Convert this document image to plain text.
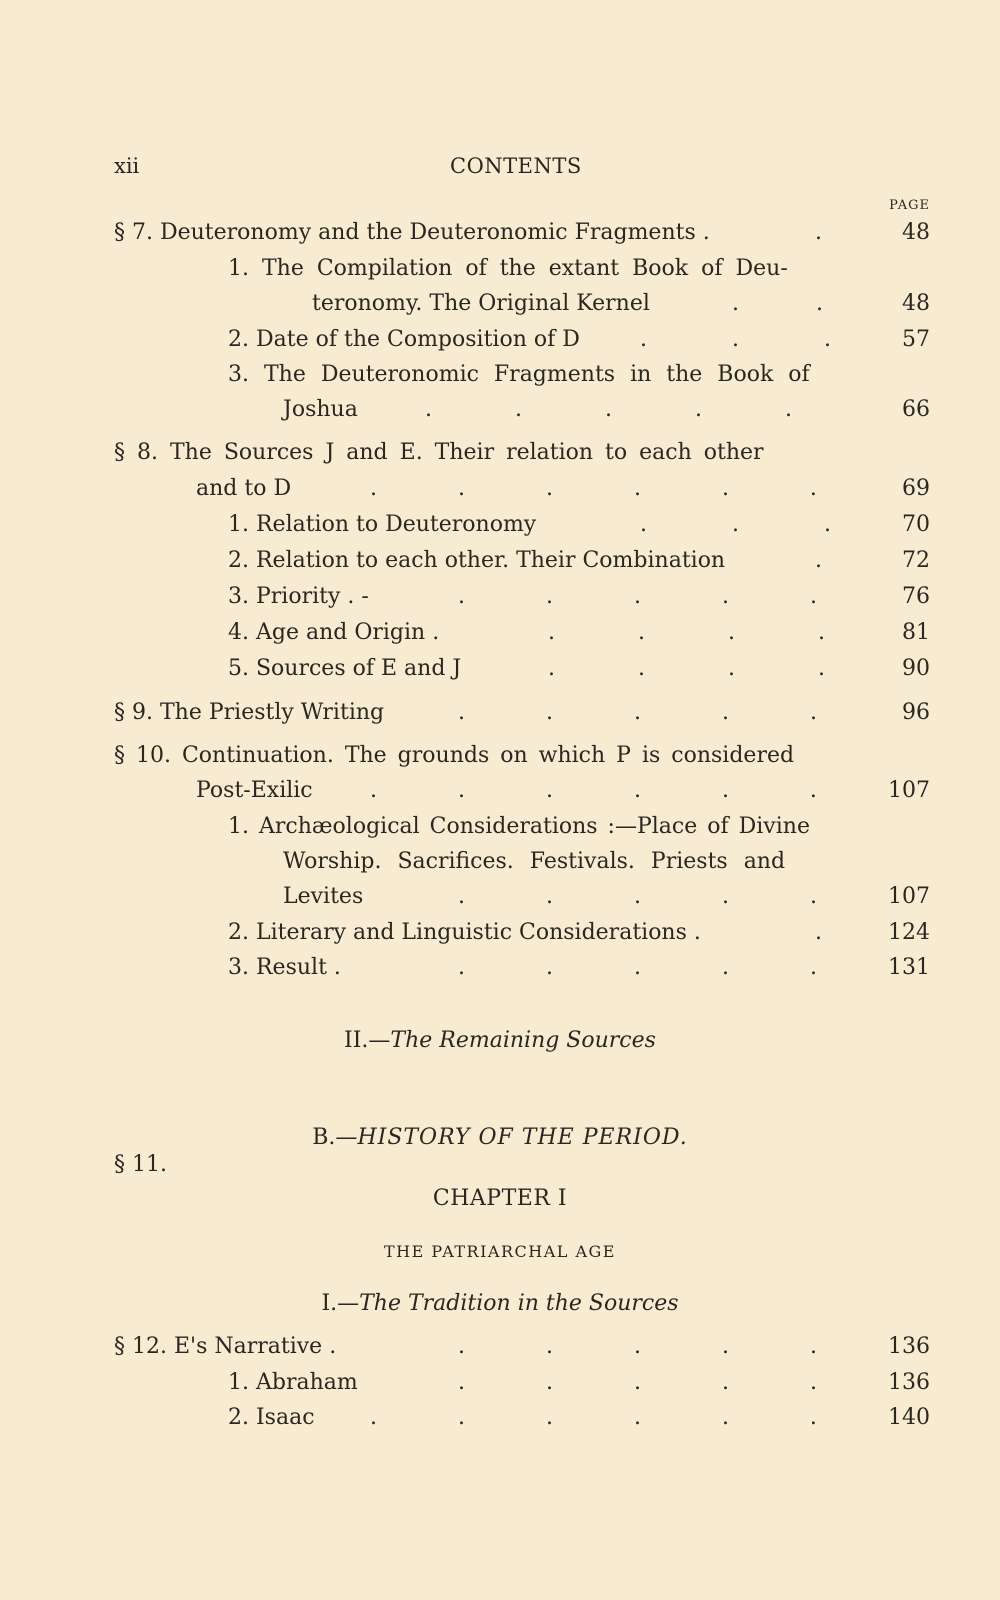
xii	CONTENTS
PAGE
§ 7. Deuteronomy and the Deuteronomic Fragments .	.	48
1. The Compilation of the extant Book of Deu-
teronomy. The Original Kernel	. .	48
2. Date of the Composition of D	. . .	57
3. The Deuteronomic Fragments in the Book of
Joshua	. . . . .	66
§ 8. The Sources J and E. Their relation to each other
and to D	. . . . . .	69
1. Relation to Deuteronomy	. . .	70
2. Relation to each other. Their Combination	.	72
3. Priority . -	. . . . .	76
4. Age and Origin .	. . . .	81
5. Sources of E and J	. . . .	90
§ 9. The Priestly Writing	. . . . .	96
§ 10. Continuation. The grounds on which P is considered
Post-Exilic	. . . . . .	107
1. Archæological Considerations :—Place of Divine
Worship. Sacrifices. Festivals. Priests and
Levites	. . . . .	107
2. Literary and Linguistic Considerations .	.	124
3. Result .	. . . . .	131
II.—The Remaining Sources
B.—HISTORY OF THE PERIOD.
§ 11.
CHAPTER I
THE PATRIARCHAL AGE
I.—The Tradition in the Sources
§ 12. E's Narrative .	. . . . .	136
1. Abraham	. . . . .	136
2. Isaac	. . . . . .	140
